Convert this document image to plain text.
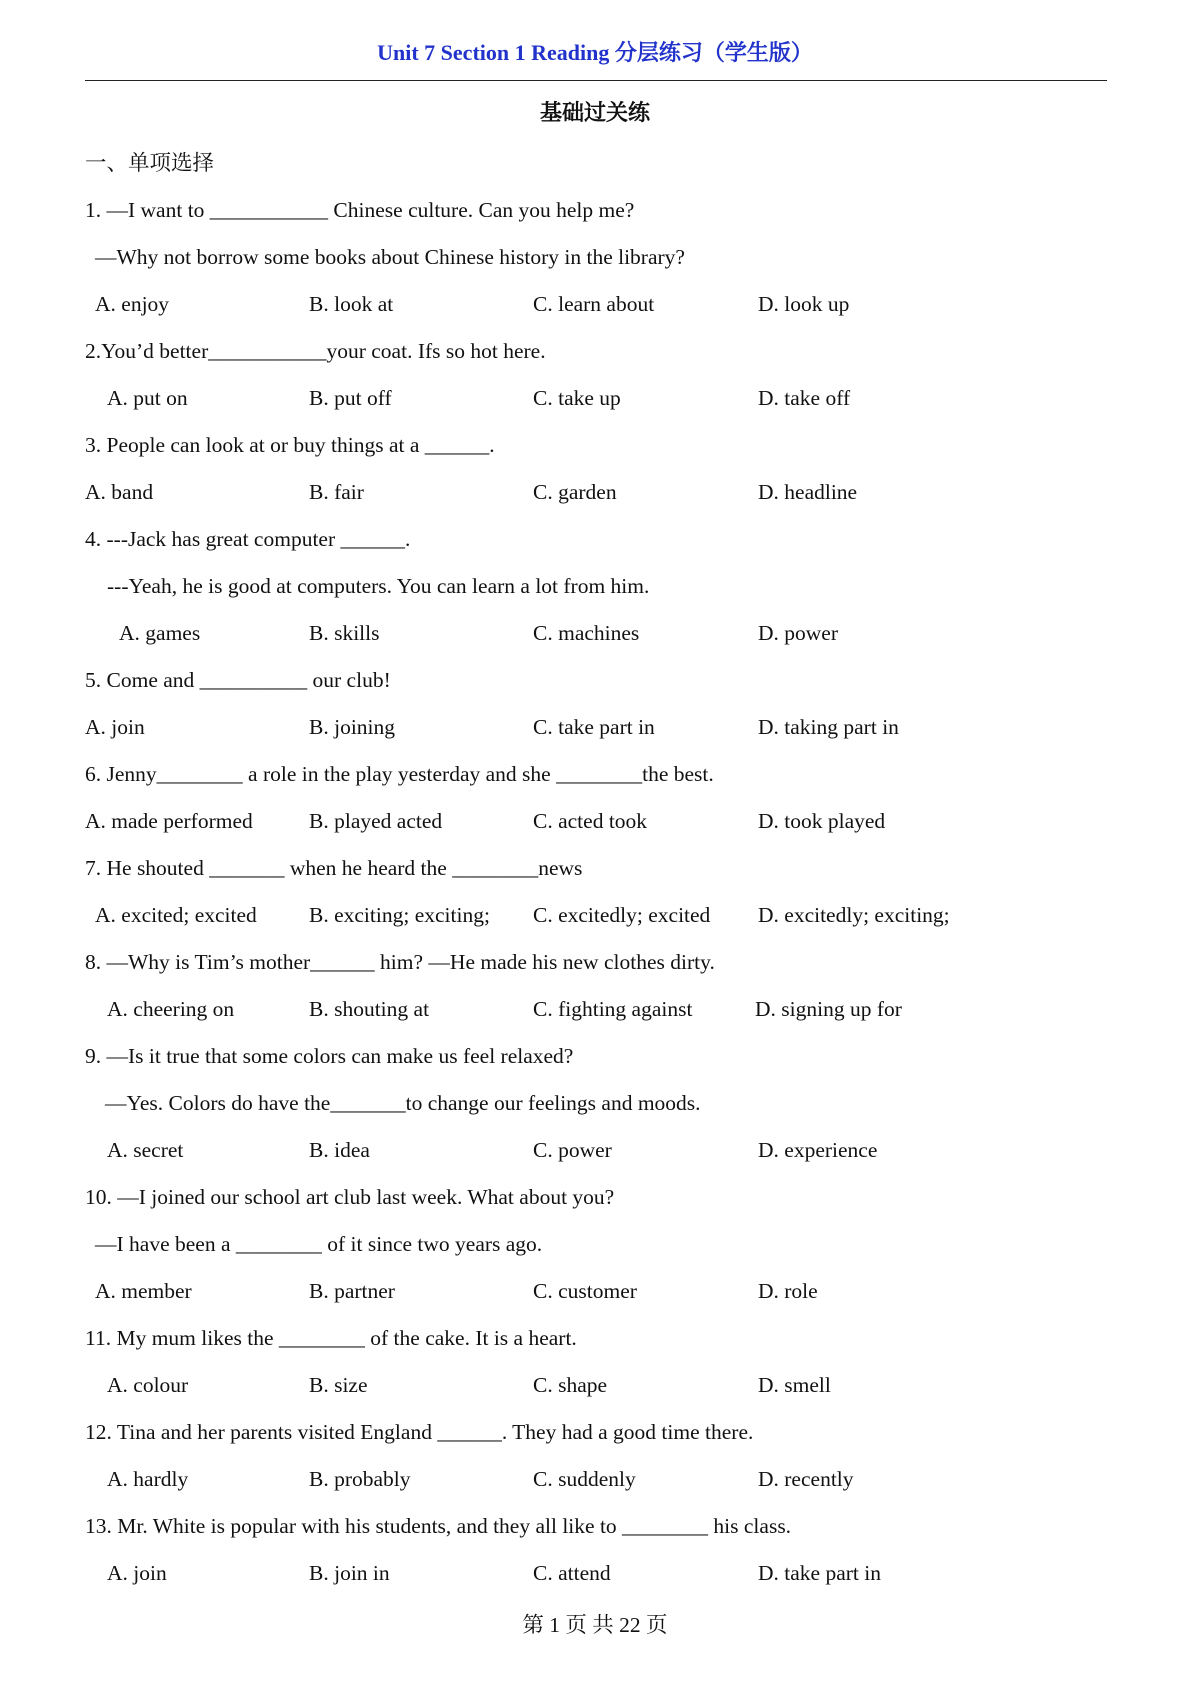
Unit 7 Section 1 Reading 分层练习（学生版）
基础过关练
一、单项选择
1. —I want to ___________ Chinese culture. Can you help me?
—Why not borrow some books about Chinese history in the library?
A. enjoy	B. look at	C. learn about	D. look up
2.You’d better___________your coat. Ifs so hot here.
A. put on	B. put off	C. take up	D. take off
3. People can look at or buy things at a ______.
A. band	B. fair	C. garden	D. headline
4. ---Jack has great computer ______.
---Yeah, he is good at computers. You can learn a lot from him.
A. games	B. skills	C. machines	D. power
5. Come and __________ our club!
A. join	B. joining	C. take part in	D. taking part in
6. Jenny________ a role in the play yesterday and she ________the best.
A. made performed	B. played acted	C. acted took	D. took played
7. He shouted _______ when he heard the ________news
A. excited; excited B. exciting; exciting; C. excitedly; excited D. excitedly; exciting;
8. —Why is Tim’s mother______ him? —He made his new clothes dirty.
A. cheering on	B. shouting at	C. fighting against	D. signing up for
9. —Is it true that some colors can make us feel relaxed?
—Yes. Colors do have the_______to change our feelings and moods.
A. secret	B. idea	C. power	D. experience
10. —I joined our school art club last week. What about you?
—I have been a ________ of it since two years ago.
A. member	B. partner	C. customer	D. role
11. My mum likes the ________ of the cake. It is a heart.
A. colour	B. size	C. shape	D. smell
12. Tina and her parents visited England ______. They had a good time there.
A. hardly	B. probably	C. suddenly	D. recently
13. Mr. White is popular with his students, and they all like to ________ his class.
A. join	B. join in	C. attend	D. take part in
第 1 页 共 22 页
